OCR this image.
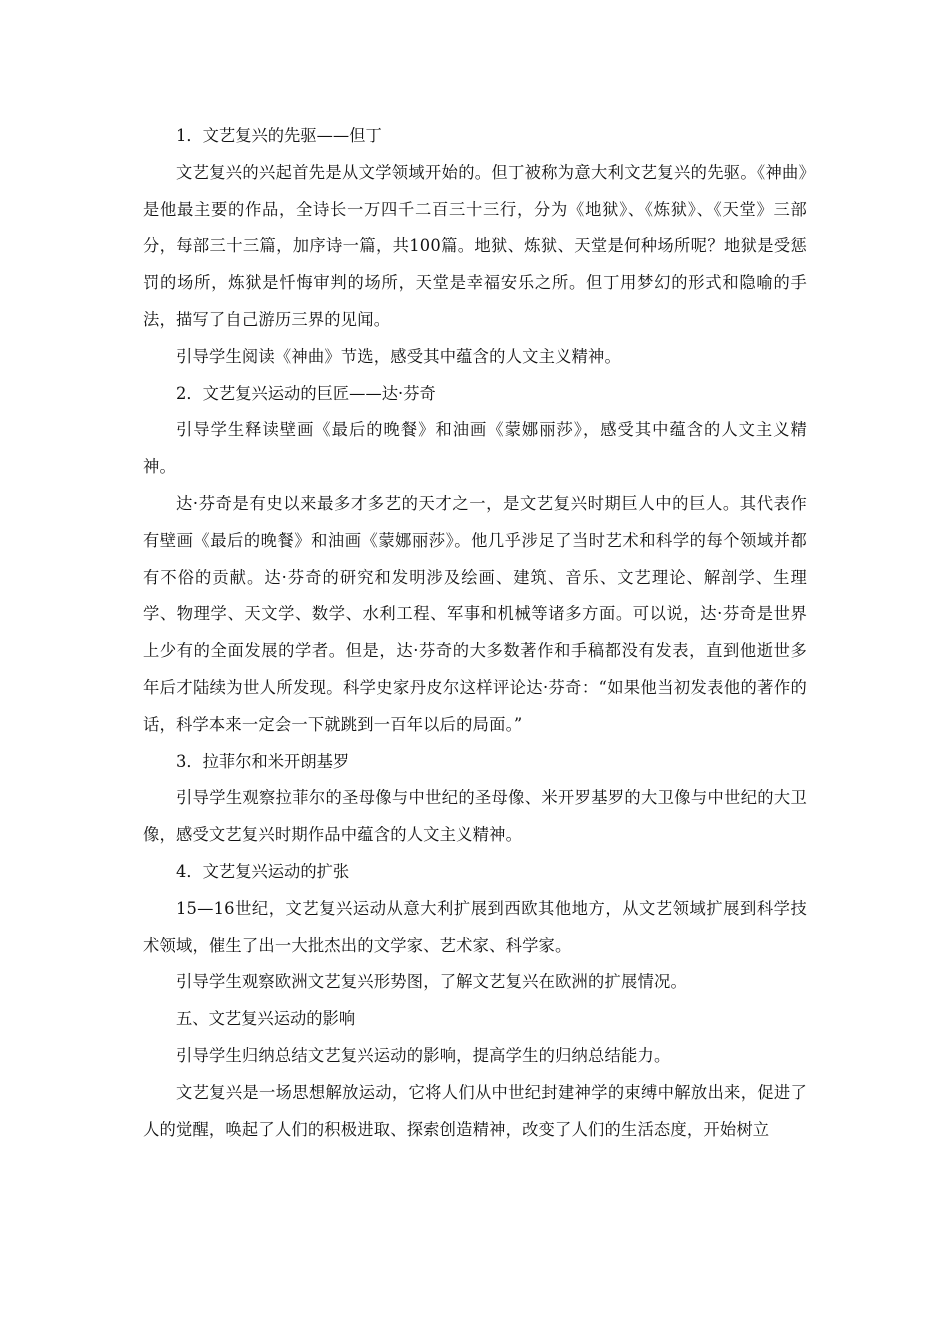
1．文艺复兴的先驱——但丁

文艺复兴的兴起首先是从文学领域开始的。但丁被称为意大利文艺复兴的先驱。《神曲》是他最主要的作品，全诗长一万四千二百三十三行，分为《地狱》、《炼狱》、《天堂》三部分，每部三十三篇，加序诗一篇，共100篇。地狱、炼狱、天堂是何种场所呢？地狱是受惩罚的场所，炼狱是忏悔审判的场所，天堂是幸福安乐之所。但丁用梦幻的形式和隐喻的手法，描写了自己游历三界的见闻。

引导学生阅读《神曲》节选，感受其中蕴含的人文主义精神。

2．文艺复兴运动的巨匠——达·芬奇

引导学生释读壁画《最后的晚餐》和油画《蒙娜丽莎》，感受其中蕴含的人文主义精神。

达·芬奇是有史以来最多才多艺的天才之一，是文艺复兴时期巨人中的巨人。其代表作有壁画《最后的晚餐》和油画《蒙娜丽莎》。他几乎涉足了当时艺术和科学的每个领域并都有不俗的贡献。达·芬奇的研究和发明涉及绘画、建筑、音乐、文艺理论、解剖学、生理学、物理学、天文学、数学、水利工程、军事和机械等诸多方面。可以说，达·芬奇是世界上少有的全面发展的学者。但是，达·芬奇的大多数著作和手稿都没有发表，直到他逝世多年后才陆续为世人所发现。科学史家丹皮尔这样评论达·芬奇：“如果他当初发表他的著作的话，科学本来一定会一下就跳到一百年以后的局面。”

3．拉菲尔和米开朗基罗

引导学生观察拉菲尔的圣母像与中世纪的圣母像、米开罗基罗的大卫像与中世纪的大卫像，感受文艺复兴时期作品中蕴含的人文主义精神。

4．文艺复兴运动的扩张

15—16世纪，文艺复兴运动从意大利扩展到西欧其他地方，从文艺领域扩展到科学技术领域，催生了出一大批杰出的文学家、艺术家、科学家。

引导学生观察欧洲文艺复兴形势图，了解文艺复兴在欧洲的扩展情况。

五、文艺复兴运动的影响

引导学生归纳总结文艺复兴运动的影响，提高学生的归纳总结能力。

文艺复兴是一场思想解放运动，它将人们从中世纪封建神学的束缚中解放出来，促进了人的觉醒，唤起了人们的积极进取、探索创造精神，改变了人们的生活态度，开始树立
